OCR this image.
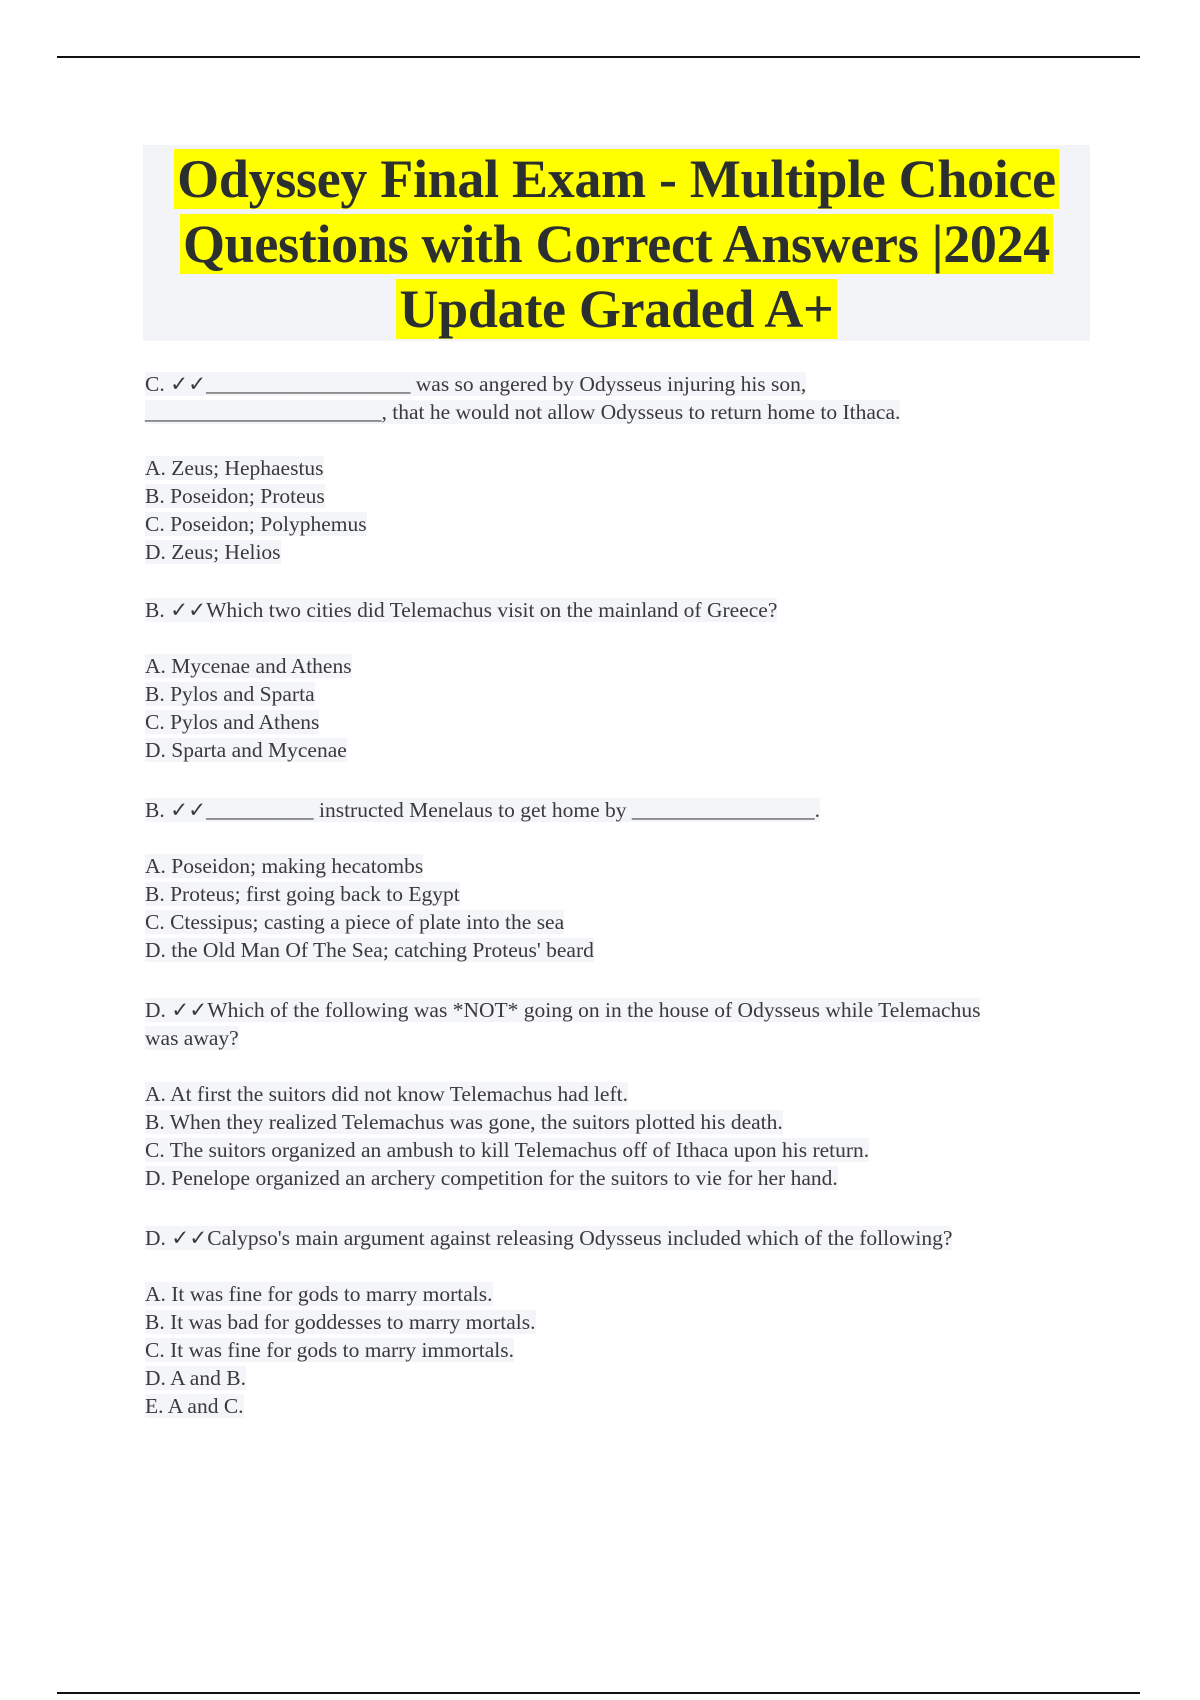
Odyssey Final Exam - Multiple Choice
Questions with Correct Answers |2024
Update Graded A+
C. ✓✓___________________ was so angered by Odysseus injuring his son,
______________________, that he would not allow Odysseus to return home to Ithaca.
A. Zeus; Hephaestus
B. Poseidon; Proteus
C. Poseidon; Polyphemus
D. Zeus; Helios
B. ✓✓Which two cities did Telemachus visit on the mainland of Greece?
A. Mycenae and Athens
B. Pylos and Sparta
C. Pylos and Athens
D. Sparta and Mycenae
B. ✓✓__________ instructed Menelaus to get home by _________________.
A. Poseidon; making hecatombs
B. Proteus; first going back to Egypt
C. Ctessipus; casting a piece of plate into the sea
D. the Old Man Of The Sea; catching Proteus' beard
D. ✓✓Which of the following was *NOT* going on in the house of Odysseus while Telemachus
was away?
A. At first the suitors did not know Telemachus had left.
B. When they realized Telemachus was gone, the suitors plotted his death.
C. The suitors organized an ambush to kill Telemachus off of Ithaca upon his return.
D. Penelope organized an archery competition for the suitors to vie for her hand.
D. ✓✓Calypso's main argument against releasing Odysseus included which of the following?
A. It was fine for gods to marry mortals.
B. It was bad for goddesses to marry mortals.
C. It was fine for gods to marry immortals.
D. A and B.
E. A and C.
